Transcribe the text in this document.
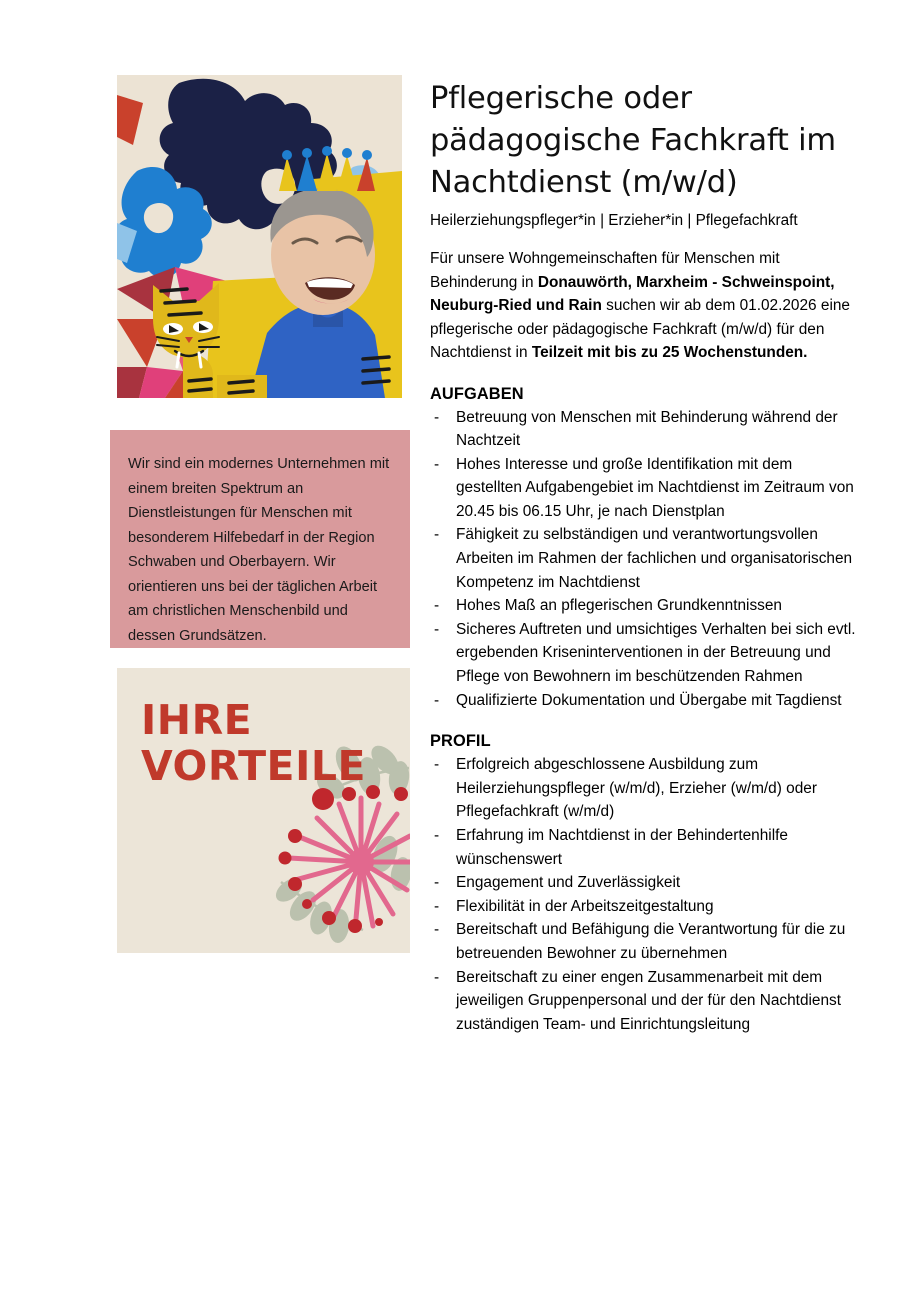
Wir sind ein modernes Unternehmen mit einem breiten Spektrum an Dienstleistungen für Menschen mit besonderem Hilfebedarf in der Region Schwaben und Oberbayern. Wir orientieren uns bei der täglichen Arbeit am christlichen Menschenbild und dessen Grundsätzen.

IHRE
VORTEILE
Pflegerische oder pädagogische Fachkraft im Nachtdienst (m/w/d)
Heilerziehungspfleger*in | Erzieher*in | Pflegefachkraft

Für unsere Wohngemeinschaften für Menschen mit Behinderung in Donauwörth, Marxheim - Schweinspoint, Neuburg-Ried und Rain suchen wir ab dem 01.02.2026 eine pflegerische oder pädagogische Fachkraft (m/w/d) für den Nachtdienst in Teilzeit mit bis zu 25 Wochenstunden.

AUFGABEN
- Betreuung von Menschen mit Behinderung während der Nachtzeit
- Hohes Interesse und große Identifikation mit dem gestellten Aufgabengebiet im Nachtdienst im Zeitraum von 20.45 bis 06.15 Uhr, je nach Dienstplan
- Fähigkeit zu selbständigen und verantwortungsvollen Arbeiten im Rahmen der fachlichen und organisatorischen Kompetenz im Nachtdienst
- Hohes Maß an pflegerischen Grundkenntnissen
- Sicheres Auftreten und umsichtiges Verhalten bei sich evtl. ergebenden Kriseninterventionen in der Betreuung und Pflege von Bewohnern im beschützenden Rahmen
- Qualifizierte Dokumentation und Übergabe mit Tagdienst
PROFIL
- Erfolgreich abgeschlossene Ausbildung zum Heilerziehungspfleger (w/m/d), Erzieher (w/m/d) oder Pflegefachkraft (w/m/d)
- Erfahrung im Nachtdienst in der Behindertenhilfe wünschenswert
- Engagement und Zuverlässigkeit
- Flexibilität in der Arbeitszeitgestaltung
- Bereitschaft und Befähigung die Verantwortung für die zu betreuenden Bewohner zu übernehmen
- Bereitschaft zu einer engen Zusammenarbeit mit dem jeweiligen Gruppenpersonal und der für den Nachtdienst zuständigen Team- und Einrichtungsleitung
